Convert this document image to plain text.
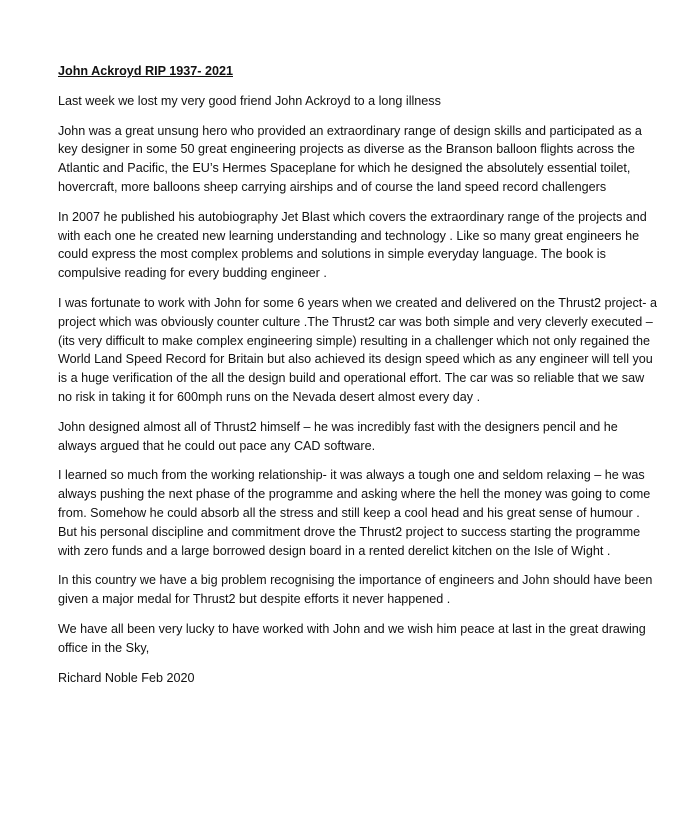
John Ackroyd RIP 1937- 2021
Last week we lost my very good friend John Ackroyd to a long illness
John was a great unsung hero who provided an extraordinary range of design skills and participated as a key designer in some 50 great engineering projects as diverse as the Branson balloon flights across the Atlantic and Pacific, the EU’s Hermes Spaceplane for which he designed the absolutely essential toilet, hovercraft, more balloons sheep carrying airships and of course the land speed record challengers
In 2007 he published his autobiography Jet Blast which covers the extraordinary range of the projects and with each one he created new learning understanding and technology . Like so many great engineers he could express the most complex problems and solutions in simple everyday language. The book is compulsive reading for every budding engineer .
I was fortunate to work with John for some 6 years when we created and delivered on the Thrust2 project- a project which was obviously counter culture .The Thrust2 car was both simple and very cleverly executed –(its very difficult to make complex engineering simple) resulting in a challenger which not only regained the World Land Speed Record for Britain but also achieved its design speed which as any engineer will tell you is a huge verification of the all the design build and operational effort. The car was so reliable that we saw no risk in taking it for 600mph runs on the Nevada desert almost every day .
John designed almost all of Thrust2 himself – he was incredibly fast with the designers pencil and he always argued that he could out pace any CAD software.
I learned so much from the working relationship- it was always a tough one and seldom relaxing – he was always pushing the next phase of the programme and asking where the hell the money was going to come from. Somehow he could absorb all the stress and still keep a cool head and his great sense of humour . But his personal discipline and commitment drove the Thrust2 project to success starting the programme with zero funds and a large borrowed design board in a rented derelict kitchen on the Isle of Wight .
In this country we have a big problem recognising the importance of engineers and John should have been given a major medal for Thrust2 but despite efforts it never happened .
We have all been very lucky to have worked with John and we wish him peace at last in the great drawing office in the Sky,
Richard Noble Feb 2020
